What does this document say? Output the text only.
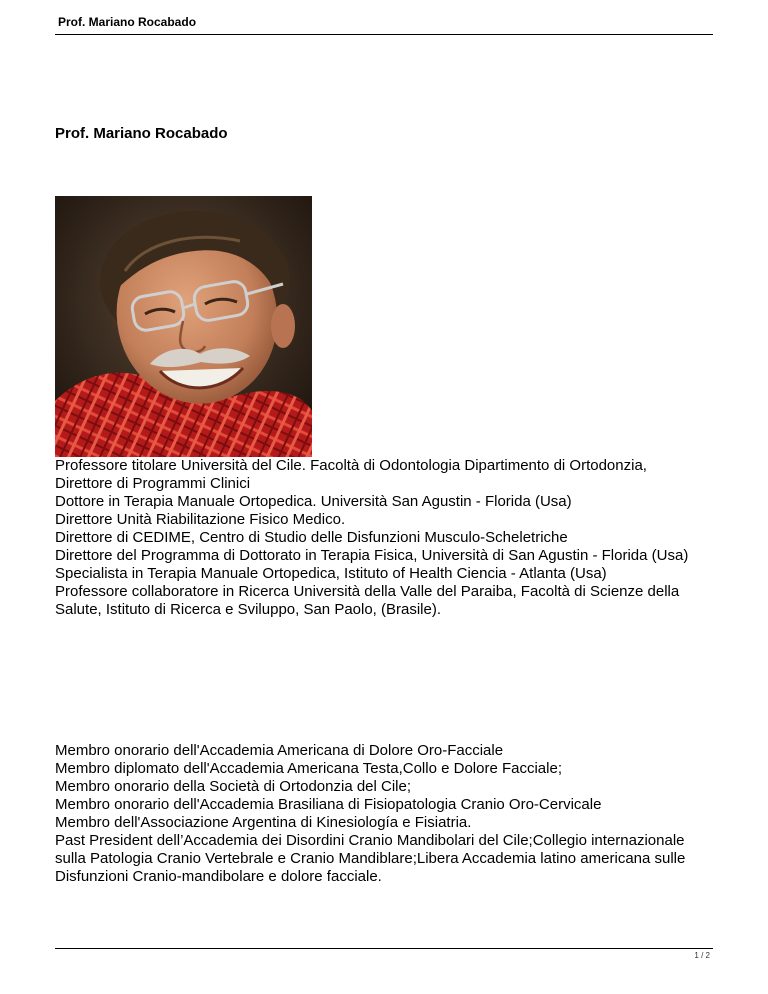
Prof. Mariano Rocabado
Prof. Mariano Rocabado
Professore titolare Università del Cile. Facoltà di Odontologia Dipartimento di Ortodonzia,
Direttore di Programmi Clinici
Dottore in Terapia Manuale Ortopedica. Università San Agustin - Florida (Usa)
Direttore Unità Riabilitazione Fisico Medico.
Direttore di CEDIME, Centro di Studio delle Disfunzioni Musculo-Scheletriche
Direttore del Programma di Dottorato in Terapia Fisica, Università di San Agustin - Florida (Usa)
Specialista in Terapia Manuale Ortopedica, Istituto of Health Ciencia - Atlanta (Usa)
Professore collaboratore in Ricerca Università della Valle del Paraiba, Facoltà di Scienze della Salute, Istituto di Ricerca e Sviluppo, San Paolo, (Brasile).
Membro onorario dell'Accademia Americana di Dolore Oro-Facciale
Membro diplomato dell'Accademia Americana Testa,Collo e Dolore Facciale;
Membro onorario della Società di Ortodonzia del Cile;
Membro onorario dell'Accademia Brasiliana di Fisiopatologia Cranio Oro-Cervicale
Membro dell'Associazione Argentina di Kinesiología e Fisiatria.
Past President dell’Accademia dei Disordini Cranio Mandibolari del Cile;Collegio internazionale sulla Patologia Cranio Vertebrale e Cranio Mandiblare;Libera Accademia latino americana sulle Disfunzioni Cranio-mandibolare e dolore facciale.
1 / 2
